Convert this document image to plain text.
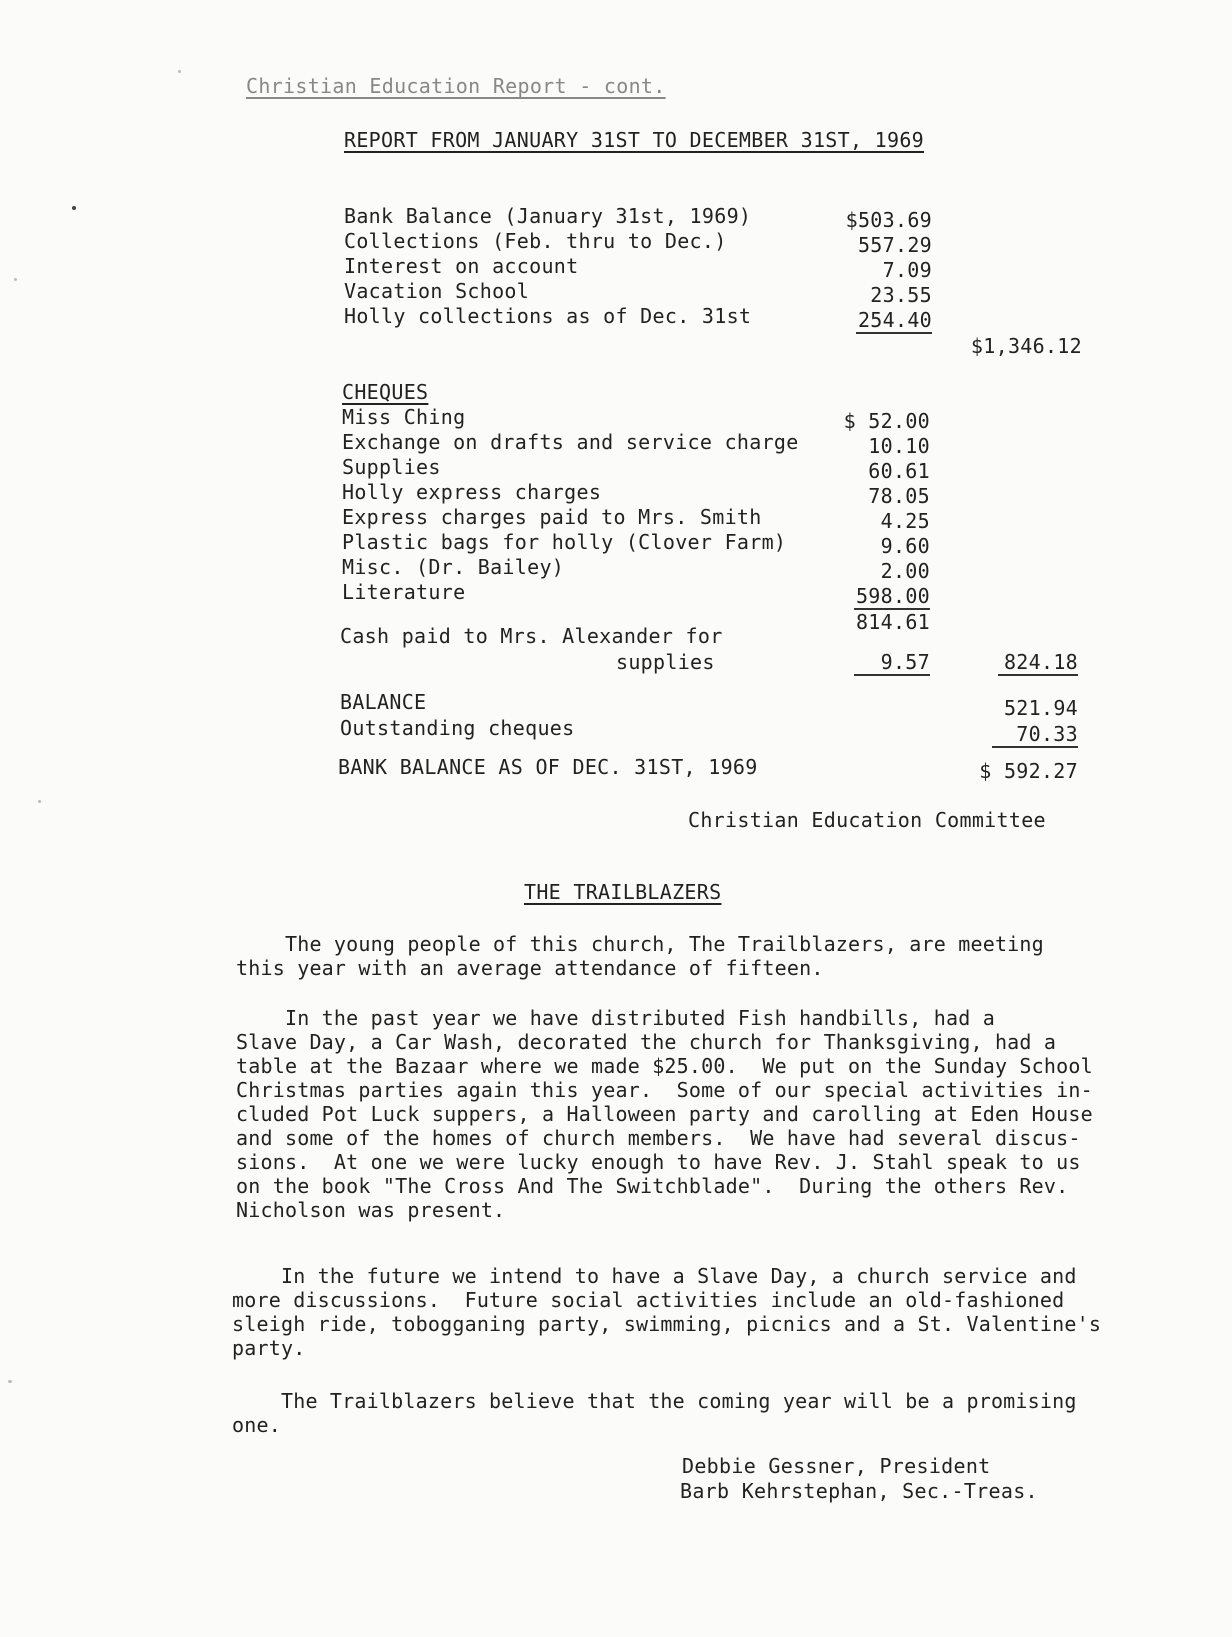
Christian Education Report - cont.
REPORT FROM JANUARY 31ST TO DECEMBER 31ST, 1969
Bank Balance (January 31st, 1969)	$503.69
Collections (Feb. thru to Dec.)	557.29
Interest on account	7.09
Vacation School	23.55
Holly collections as of Dec. 31st	254.40
$1,346.12
CHEQUES
Miss Ching	$ 52.00
Exchange on drafts and service charge	10.10
Supplies	60.61
Holly express charges	78.05
Express charges paid to Mrs. Smith	4.25
Plastic bags for holly (Clover Farm)	9.60
Misc. (Dr. Bailey)	2.00
Literature	598.00
814.61
Cash paid to Mrs. Alexander for
supplies	9.57	824.18
BALANCE	521.94
Outstanding cheques	70.33
BANK BALANCE AS OF DEC. 31ST, 1969	$ 592.27
Christian Education Committee
THE TRAILBLAZERS
The young people of this church, The Trailblazers, are meeting
this year with an average attendance of fifteen.
In the past year we have distributed Fish handbills, had a
Slave Day, a Car Wash, decorated the church for Thanksgiving, had a
table at the Bazaar where we made $25.00.  We put on the Sunday School
Christmas parties again this year.  Some of our special activities in-
cluded Pot Luck suppers, a Halloween party and carolling at Eden House
and some of the homes of church members.  We have had several discus-
sions.  At one we were lucky enough to have Rev. J. Stahl speak to us
on the book "The Cross And The Switchblade".  During the others Rev.
Nicholson was present.
In the future we intend to have a Slave Day, a church service and
more discussions.  Future social activities include an old-fashioned
sleigh ride, tobogganing party, swimming, picnics and a St. Valentine's
party.
The Trailblazers believe that the coming year will be a promising
one.
Debbie Gessner, President
Barb Kehrstephan, Sec.-Treas.
